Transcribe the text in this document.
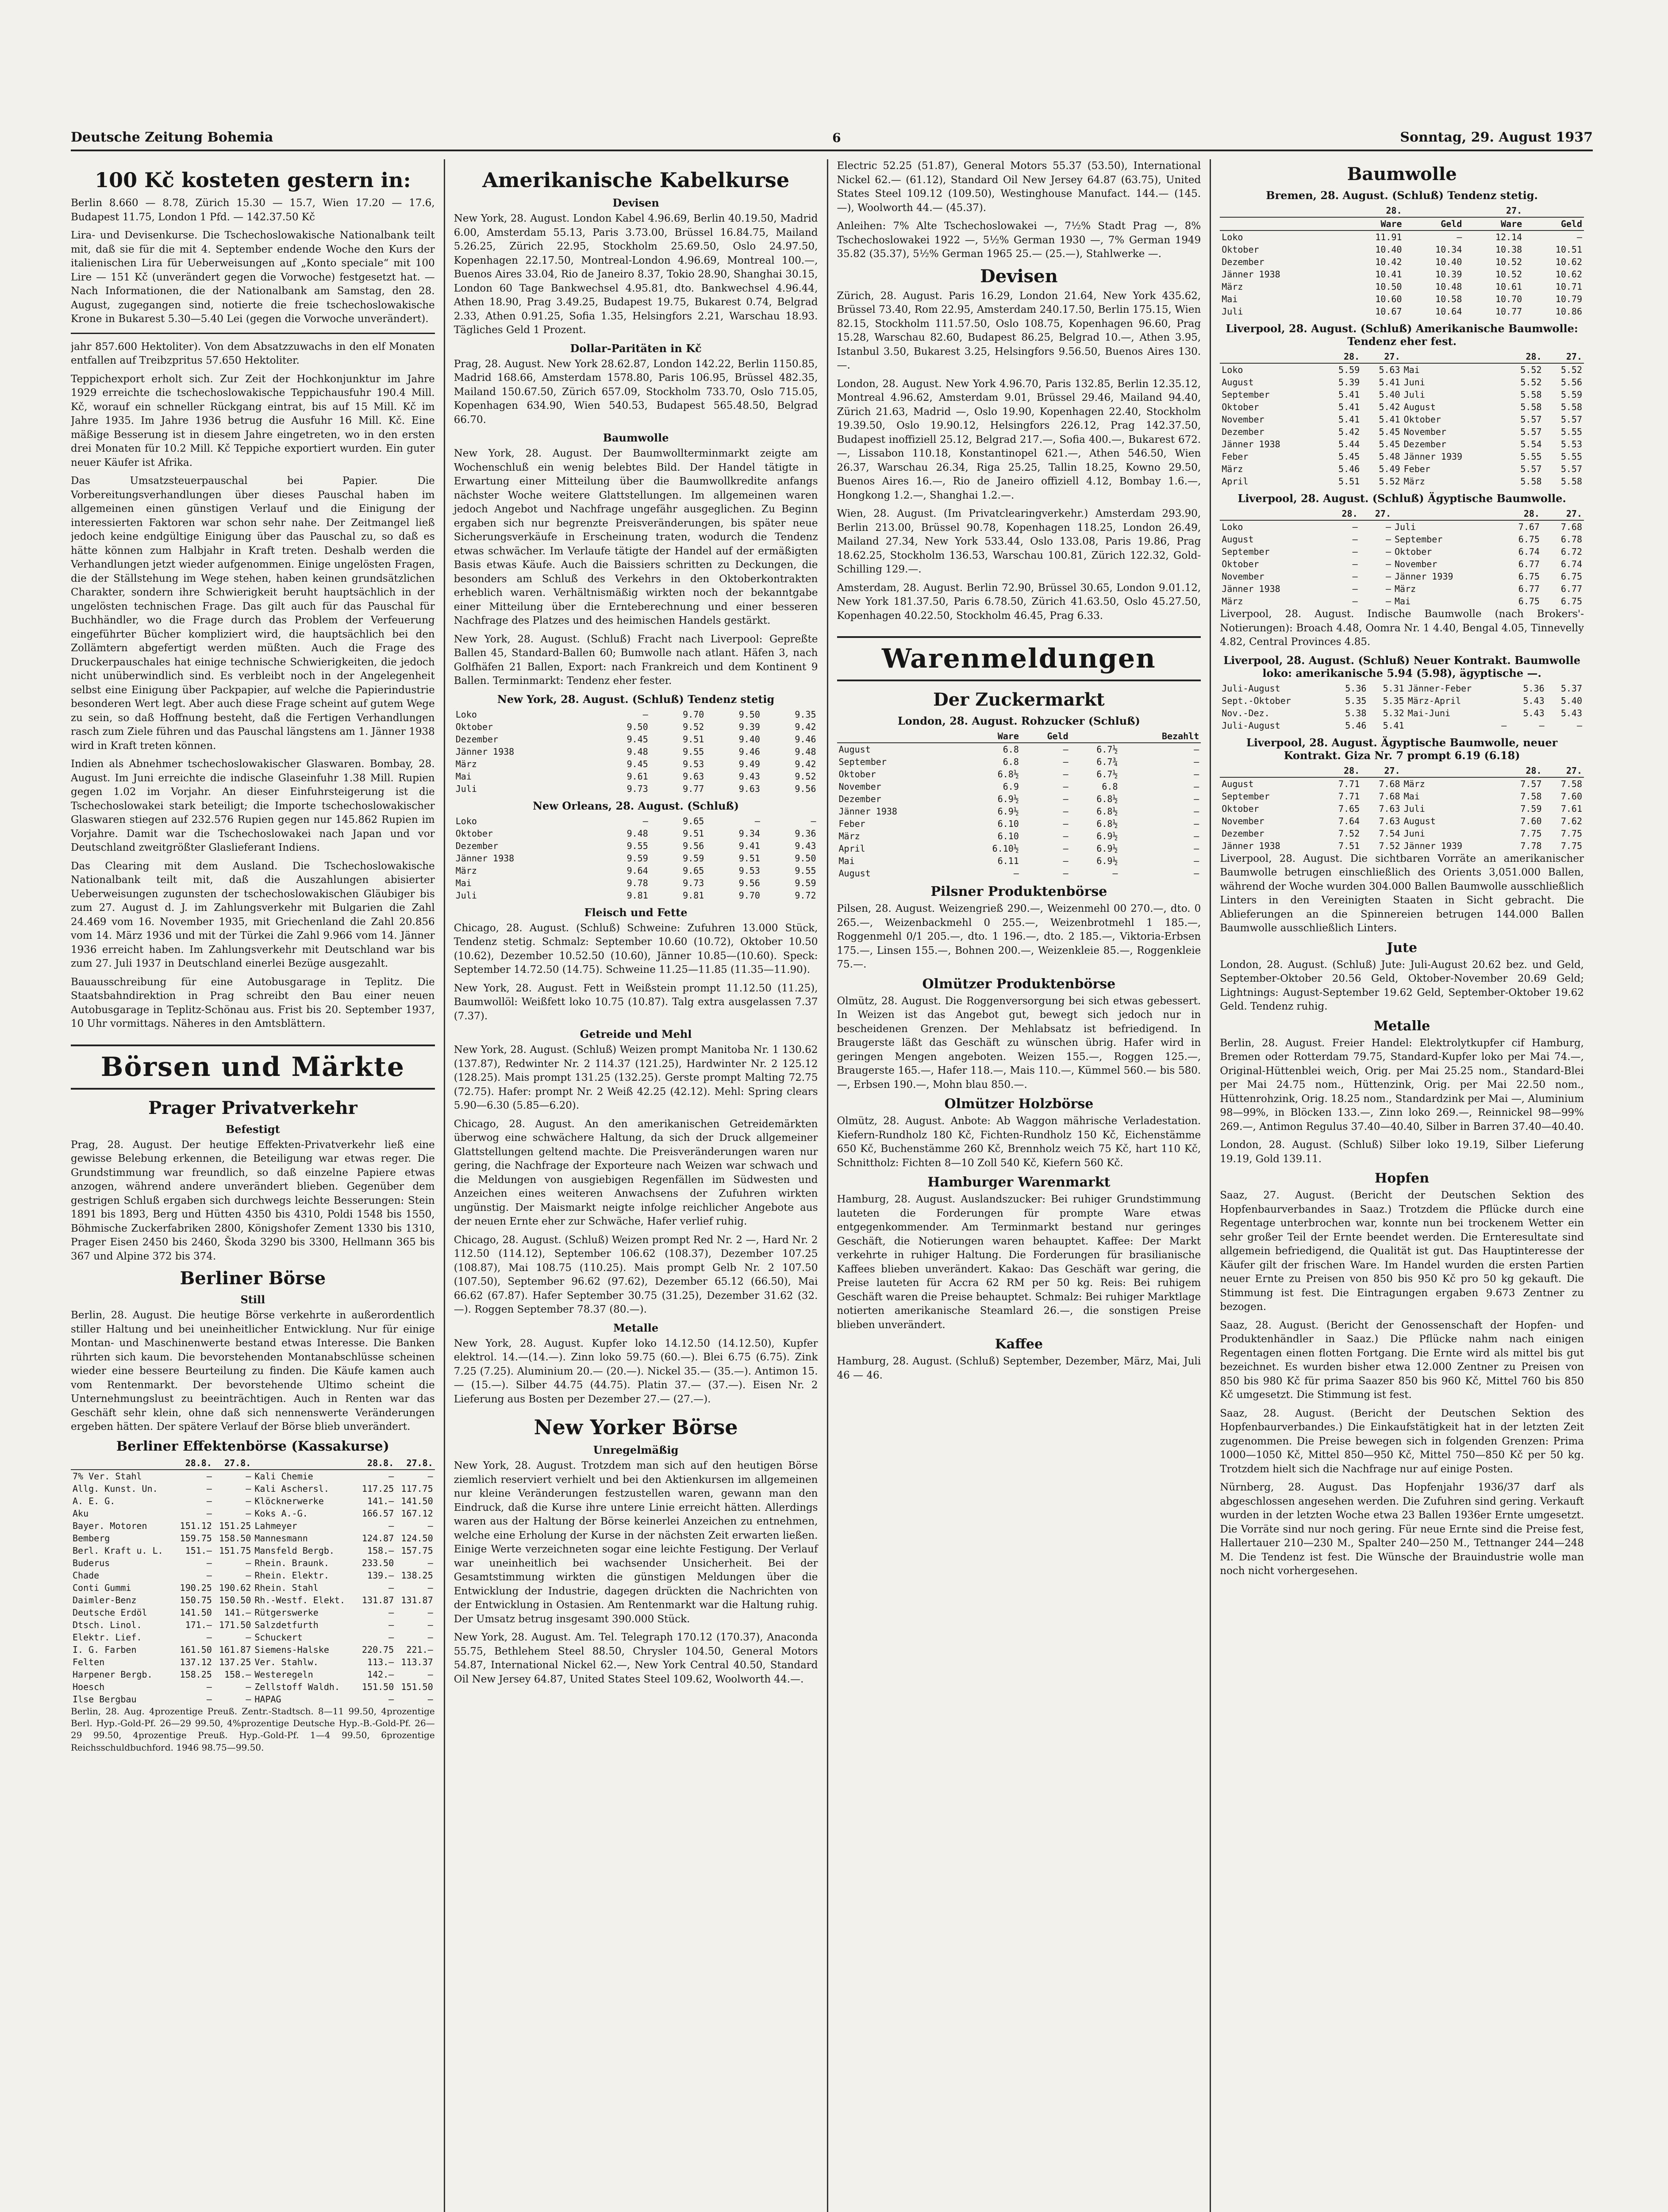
Deutsche Zeitung Bohemia	6	Sonntag, 29. August 1937
100 Kč kosteten gestern in:

Berlin 8.660 — 8.78, Zürich 15.30 — 15.7, Wien 17.20 — 17.6, Budapest 11.75, London 1 Pfd. — 142.37.50 Kč

Lira- und Devisenkurse. Die Tschechoslowakische Nationalbank teilt mit, daß sie für die mit 4. September endende Woche den Kurs der italienischen Lira für Ueberweisungen auf „Konto speciale“ mit 100 Lire — 151 Kč (unverändert gegen die Vorwoche) festgesetzt hat. — Nach Informationen, die der Nationalbank am Samstag, den 28. August, zugegangen sind, notierte die freie tschechoslowakische Krone in Bukarest 5.30—5.40 Lei (gegen die Vorwoche unverändert).

jahr 857.600 Hektoliter). Von dem Absatzzuwachs in den elf Monaten entfallen auf Treibzpritus 57.650 Hektoliter.

Teppichexport erholt sich. Zur Zeit der Hochkonjunktur im Jahre 1929 erreichte die tschechoslowakische Teppichausfuhr 190.4 Mill. Kč, worauf ein schneller Rückgang eintrat, bis auf 15 Mill. Kč im Jahre 1935. Im Jahre 1936 betrug die Ausfuhr 16 Mill. Kč. Eine mäßige Besserung ist in diesem Jahre eingetreten, wo in den ersten drei Monaten für 10.2 Mill. Kč Teppiche exportiert wurden. Ein guter neuer Käufer ist Afrika.

Das Umsatzsteuerpauschal bei Papier. Die Vorbereitungsverhandlungen über dieses Pauschal haben im allgemeinen einen günstigen Verlauf und die Einigung der interessierten Faktoren war schon sehr nahe. Der Zeitmangel ließ jedoch keine endgültige Einigung über das Pauschal zu, so daß es hätte können zum Halbjahr in Kraft treten. Deshalb werden die Verhandlungen jetzt wieder aufgenommen. Einige ungelösten Fragen, die der Ställstehung im Wege stehen, haben keinen grundsätzlichen Charakter, sondern ihre Schwierigkeit beruht hauptsächlich in der ungelösten technischen Frage. Das gilt auch für das Pauschal für Buchhändler, wo die Frage durch das Problem der Verfeuerung eingeführter Bücher kompliziert wird, die hauptsächlich bei den Zollämtern abgefertigt werden müßten. Auch die Frage des Druckerpauschales hat einige technische Schwierigkeiten, die jedoch nicht unüberwindlich sind. Es verbleibt noch in der Angelegenheit selbst eine Einigung über Packpapier, auf welche die Papierindustrie besonderen Wert legt. Aber auch diese Frage scheint auf gutem Wege zu sein, so daß Hoffnung besteht, daß die Fertigen Verhandlungen rasch zum Ziele führen und das Pauschal längstens am 1. Jänner 1938 wird in Kraft treten können.

Indien als Abnehmer tschechoslowakischer Glaswaren. Bombay, 28. August. Im Juni erreichte die indische Glaseinfuhr 1.38 Mill. Rupien gegen 1.02 im Vorjahr. An dieser Einfuhrsteigerung ist die Tschechoslowakei stark beteiligt; die Importe tschechoslowakischer Glaswaren stiegen auf 232.576 Rupien gegen nur 145.862 Rupien im Vorjahre. Damit war die Tschechoslowakei nach Japan und vor Deutschland zweitgrößter Glaslieferant Indiens.

Das Clearing mit dem Ausland. Die Tschechoslowakische Nationalbank teilt mit, daß die Auszahlungen abisierter Ueberweisungen zugunsten der tschechoslowakischen Gläubiger bis zum 27. August d. J. im Zahlungsverkehr mit Bulgarien die Zahl 24.469 vom 16. November 1935, mit Griechenland die Zahl 20.856 vom 14. März 1936 und mit der Türkei die Zahl 9.966 vom 14. Jänner 1936 erreicht haben. Im Zahlungsverkehr mit Deutschland war bis zum 27. Juli 1937 in Deutschland einerlei Bezüge ausgezahlt.

Bauausschreibung für eine Autobusgarage in Teplitz. Die Staatsbahndirektion in Prag schreibt den Bau einer neuen Autobusgarage in Teplitz-Schönau aus. Frist bis 20. September 1937, 10 Uhr vormittags. Näheres in den Amtsblättern.

Börsen und Märkte
Prager Privatverkehr
Befestigt

Prag, 28. August. Der heutige Effekten-Privatverkehr ließ eine gewisse Belebung erkennen, die Beteiligung war etwas reger. Die Grundstimmung war freundlich, so daß einzelne Papiere etwas anzogen, während andere unverändert blieben. Gegenüber dem gestrigen Schluß ergaben sich durchwegs leichte Besserungen: Stein 1891 bis 1893, Berg und Hütten 4350 bis 4310, Poldi 1548 bis 1550, Böhmische Zuckerfabriken 2800, Königshofer Zement 1330 bis 1310, Prager Eisen 2450 bis 2460, Škoda 3290 bis 3300, Hellmann 365 bis 367 und Alpine 372 bis 374.

Berliner Börse
Still

Berlin, 28. August. Die heutige Börse verkehrte in außerordentlich stiller Haltung und bei uneinheitlicher Entwicklung. Nur für einige Montan- und Maschinenwerte bestand etwas Interesse. Die Banken rührten sich kaum. Die bevorstehenden Montanabschlüsse scheinen wieder eine bessere Beurteilung zu finden. Die Käufe kamen auch vom Rentenmarkt. Der bevorstehende Ultimo scheint die Unternehmungslust zu beeinträchtigen. Auch in Renten war das Geschäft sehr klein, ohne daß sich nennenswerte Veränderungen ergeben hätten. Der spätere Verlauf der Börse blieb unverändert.

Berliner Effektenbörse (Kassakurse)
	28.8.	27.8.		28.8.	27.8.
7% Ver. Stahl	—	—	Kali Chemie	—	—
Allg. Kunst. Un.	—	—	Kali Aschersl.	117.25	117.75
A. E. G.	—	—	Klöcknerwerke	141.—	141.50
Aku	—	—	Koks A.-G.	166.57	167.12
Bayer. Motoren	151.12	151.25	Lahmeyer	—	—
Bemberg	159.75	158.50	Mannesmann	124.87	124.50
Berl. Kraft u. L.	151.—	151.75	Mansfeld Bergb.	158.—	157.75
Buderus	—	—	Rhein. Braunk.	233.50	—
Chade	—	—	Rhein. Elektr.	139.—	138.25
Conti Gummi	190.25	190.62	Rhein. Stahl	—	—
Daimler-Benz	150.75	150.50	Rh.-Westf. Elekt.	131.87	131.87
Deutsche Erdöl	141.50	141.—	Rütgerswerke	—	—
Dtsch. Linol.	171.—	171.50	Salzdetfurth	—	—
Elektr. Lief.	—	—	Schuckert	—	—
I. G. Farben	161.50	161.87	Siemens-Halske	220.75	221.—
Felten	137.12	137.25	Ver. Stahlw.	113.—	113.37
Harpener Bergb.	158.25	158.—	Westeregeln	142.—	—
Hoesch	—	—	Zellstoff Waldh.	151.50	151.50
Ilse Bergbau	—	—	HAPAG	—	—

Berlin, 28. Aug. 4prozentige Preuß. Zentr.-Stadtsch. 8—11 99.50, 4prozentige Berl. Hyp.-Gold-Pf. 26—29 99.50, 4%prozentige Deutsche Hyp.-B.-Gold-Pf. 26—29 99.50, 4prozentige Preuß. Hyp.-Gold-Pf. 1—4 99.50, 6prozentige Reichsschuldbuchford. 1946 98.75—99.50.

Amerikanische Kabelkurse
Devisen

New York, 28. August. London Kabel 4.96.69, Berlin 40.19.50, Madrid 6.00, Amsterdam 55.13, Paris 3.73.00, Brüssel 16.84.75, Mailand 5.26.25, Zürich 22.95, Stockholm 25.69.50, Oslo 24.97.50, Kopenhagen 22.17.50, Montreal-London 4.96.69, Montreal 100.—, Buenos Aires 33.04, Rio de Janeiro 8.37, Tokio 28.90, Shanghai 30.15, London 60 Tage Bankwechsel 4.95.81, dto. Bankwechsel 4.96.44, Athen 18.90, Prag 3.49.25, Budapest 19.75, Bukarest 0.74, Belgrad 2.33, Athen 0.91.25, Sofia 1.35, Helsingfors 2.21, Warschau 18.93. Tägliches Geld 1 Prozent.

Dollar-Paritäten in Kč

Prag, 28. August. New York 28.62.87, London 142.22, Berlin 1150.85, Madrid 168.66, Amsterdam 1578.80, Paris 106.95, Brüssel 482.35, Mailand 150.67.50, Zürich 657.09, Stockholm 733.70, Oslo 715.05, Kopenhagen 634.90, Wien 540.53, Budapest 565.48.50, Belgrad 66.70.

Baumwolle

New York, 28. August. Der Baumwollterminmarkt zeigte am Wochenschluß ein wenig belebtes Bild. Der Handel tätigte in Erwartung einer Mitteilung über die Baumwollkredite anfangs nächster Woche weitere Glattstellungen. Im allgemeinen waren jedoch Angebot und Nachfrage ungefähr ausgeglichen. Zu Beginn ergaben sich nur begrenzte Preisveränderungen, bis später neue Sicherungsverkäufe in Erscheinung traten, wodurch die Tendenz etwas schwächer. Im Verlaufe tätigte der Handel auf der ermäßigten Basis etwas Käufe. Auch die Baissiers schritten zu Deckungen, die besonders am Schluß des Verkehrs in den Oktoberkontrakten erheblich waren. Verhältnismäßig wirkten noch der bekanntgabe einer Mitteilung über die Ernteberechnung und einer besseren Nachfrage des Platzes und des heimischen Handels gestärkt.

New York, 28. August. (Schluß) Fracht nach Liverpool: Gepreßte Ballen 45, Standard-Ballen 60; Bumwolle nach atlant. Häfen 3, nach Golfhäfen 21 Ballen, Export: nach Frankreich und dem Kontinent 9 Ballen. Terminmarkt: Tendenz eher fester.

New York, 28. August. (Schluß) Tendenz stetig
Loko	—	9.70	9.50	9.35
Oktober	9.50	9.52	9.39	9.42
Dezember	9.45	9.51	9.40	9.46
Jänner 1938	9.48	9.55	9.46	9.48
März	9.45	9.53	9.49	9.42
Mai	9.61	9.63	9.43	9.52
Juli	9.73	9.77	9.63	9.56
New Orleans, 28. August. (Schluß)
Loko	—	9.65	—	—
Oktober	9.48	9.51	9.34	9.36
Dezember	9.55	9.56	9.41	9.43
Jänner 1938	9.59	9.59	9.51	9.50
März	9.64	9.65	9.53	9.55
Mai	9.78	9.73	9.56	9.59
Juli	9.81	9.81	9.70	9.72
Fleisch und Fette

Chicago, 28. August. (Schluß) Schweine: Zufuhren 13.000 Stück, Tendenz stetig. Schmalz: September 10.60 (10.72), Oktober 10.50 (10.62), Dezember 10.52.50 (10.60), Jänner 10.85—(10.60). Speck: September 14.72.50 (14.75). Schweine 11.25—11.85 (11.35—11.90).

New York, 28. August. Fett in Weißstein prompt 11.12.50 (11.25), Baumwollöl: Weißfett loko 10.75 (10.87). Talg extra ausgelassen 7.37 (7.37).

Getreide und Mehl

New York, 28. August. (Schluß) Weizen prompt Manitoba Nr. 1 130.62 (137.87), Redwinter Nr. 2 114.37 (121.25), Hardwinter Nr. 2 125.12 (128.25). Mais prompt 131.25 (132.25). Gerste prompt Malting 72.75 (72.75). Hafer: prompt Nr. 2 Weiß 42.25 (42.12). Mehl: Spring clears 5.90—6.30 (5.85—6.20).

Chicago, 28. August. An den amerikanischen Getreidemärkten überwog eine schwächere Haltung, da sich der Druck allgemeiner Glattstellungen geltend machte. Die Preisveränderungen waren nur gering, die Nachfrage der Exporteure nach Weizen war schwach und die Meldungen von ausgiebigen Regenfällen im Südwesten und Anzeichen eines weiteren Anwachsens der Zufuhren wirkten ungünstig. Der Maismarkt neigte infolge reichlicher Angebote aus der neuen Ernte eher zur Schwäche, Hafer verlief ruhig.

Chicago, 28. August. (Schluß) Weizen prompt Red Nr. 2 —, Hard Nr. 2 112.50 (114.12), September 106.62 (108.37), Dezember 107.25 (108.87), Mai 108.75 (110.25). Mais prompt Gelb Nr. 2 107.50 (107.50), September 96.62 (97.62), Dezember 65.12 (66.50), Mai 66.62 (67.87). Hafer September 30.75 (31.25), Dezember 31.62 (32.—). Roggen September 78.37 (80.—).

Metalle

New York, 28. August. Kupfer loko 14.12.50 (14.12.50), Kupfer elektrol. 14.—(14.—). Zinn loko 59.75 (60.—). Blei 6.75 (6.75). Zink 7.25 (7.25). Aluminium 20.— (20.—). Nickel 35.— (35.—). Antimon 15.— (15.—). Silber 44.75 (44.75). Platin 37.— (37.—). Eisen Nr. 2 Lieferung aus Bosten per Dezember 27.— (27.—).

New Yorker Börse
Unregelmäßig

New York, 28. August. Trotzdem man sich auf den heutigen Börse ziemlich reserviert verhielt und bei den Aktienkursen im allgemeinen nur kleine Veränderungen festzustellen waren, gewann man den Eindruck, daß die Kurse ihre untere Linie erreicht hätten. Allerdings waren aus der Haltung der Börse keinerlei Anzeichen zu entnehmen, welche eine Erholung der Kurse in der nächsten Zeit erwarten ließen. Einige Werte verzeichneten sogar eine leichte Festigung. Der Verlauf war uneinheitlich bei wachsender Unsicherheit. Bei der Gesamtstimmung wirkten die günstigen Meldungen über die Entwicklung der Industrie, dagegen drückten die Nachrichten von der Entwicklung in Ostasien. Am Rentenmarkt war die Haltung ruhig. Der Umsatz betrug insgesamt 390.000 Stück.

New York, 28. August. Am. Tel. Telegraph 170.12 (170.37), Anaconda 55.75, Bethlehem Steel 88.50, Chrysler 104.50, General Motors 54.87, International Nickel 62.—, New York Central 40.50, Standard Oil New Jersey 64.87, United States Steel 109.62, Woolworth 44.—.

Electric 52.25 (51.87), General Motors 55.37 (53.50), International Nickel 62.— (61.12), Standard Oil New Jersey 64.87 (63.75), United States Steel 109.12 (109.50), Westinghouse Manufact. 144.— (145.—), Woolworth 44.— (45.37).

Anleihen: 7% Alte Tschechoslowakei —, 7½% Stadt Prag —, 8% Tschechoslowakei 1922 —, 5½% German 1930 —, 7% German 1949 35.82 (35.37), 5½% German 1965 25.— (25.—), Stahlwerke —.

Devisen

Zürich, 28. August. Paris 16.29, London 21.64, New York 435.62, Brüssel 73.40, Rom 22.95, Amsterdam 240.17.50, Berlin 175.15, Wien 82.15, Stockholm 111.57.50, Oslo 108.75, Kopenhagen 96.60, Prag 15.28, Warschau 82.60, Budapest 86.25, Belgrad 10.—, Athen 3.95, Istanbul 3.50, Bukarest 3.25, Helsingfors 9.56.50, Buenos Aires 130.—.

London, 28. August. New York 4.96.70, Paris 132.85, Berlin 12.35.12, Montreal 4.96.62, Amsterdam 9.01, Brüssel 29.46, Mailand 94.40, Zürich 21.63, Madrid —, Oslo 19.90, Kopenhagen 22.40, Stockholm 19.39.50, Oslo 19.90.12, Helsingfors 226.12, Prag 142.37.50, Budapest inoffiziell 25.12, Belgrad 217.—, Sofia 400.—, Bukarest 672.—, Lissabon 110.18, Konstantinopel 621.—, Athen 546.50, Wien 26.37, Warschau 26.34, Riga 25.25, Tallin 18.25, Kowno 29.50, Buenos Aires 16.—, Rio de Janeiro offiziell 4.12, Bombay 1.6.—, Hongkong 1.2.—, Shanghai 1.2.—.

Wien, 28. August. (Im Privatclearingverkehr.) Amsterdam 293.90, Berlin 213.00, Brüssel 90.78, Kopenhagen 118.25, London 26.49, Mailand 27.34, New York 533.44, Oslo 133.08, Paris 19.86, Prag 18.62.25, Stockholm 136.53, Warschau 100.81, Zürich 122.32, Gold-Schilling 129.—.

Amsterdam, 28. August. Berlin 72.90, Brüssel 30.65, London 9.01.12, New York 181.37.50, Paris 6.78.50, Zürich 41.63.50, Oslo 45.27.50, Kopenhagen 40.22.50, Stockholm 46.45, Prag 6.33.

Warenmeldungen
Der Zuckermarkt
London, 28. August. Rohzucker (Schluß)
	Ware	Geld		Bezahlt
August	6.8	—	6.7½	—
September	6.8	—	6.7¾	—
Oktober	6.8½	—	6.7½	—
November	6.9	—	6.8	—
Dezember	6.9½	—	6.8½	—
Jänner 1938	6.9½	—	6.8½	—
Feber	6.10	—	6.8½	—
März	6.10	—	6.9½	—
April	6.10½	—	6.9½	—
Mai	6.11	—	6.9½	—
August	—	—	—	—
Pilsner Produktenbörse

Pilsen, 28. August. Weizengrieß 290.—, Weizenmehl 00 270.—, dto. 0 265.—, Weizenbackmehl 0 255.—, Weizenbrotmehl 1 185.—, Roggenmehl 0/1 205.—, dto. 1 196.—, dto. 2 185.—, Viktoria-Erbsen 175.—, Linsen 155.—, Bohnen 200.—, Weizenkleie 85.—, Roggenkleie 75.—.

Olmützer Produktenbörse

Olmütz, 28. August. Die Roggenversorgung bei sich etwas gebessert. In Weizen ist das Angebot gut, bewegt sich jedoch nur in bescheidenen Grenzen. Der Mehlabsatz ist befriedigend. In Braugerste läßt das Geschäft zu wünschen übrig. Hafer wird in geringen Mengen angeboten. Weizen 155.—, Roggen 125.—, Braugerste 165.—, Hafer 118.—, Mais 110.—, Kümmel 560.— bis 580.—, Erbsen 190.—, Mohn blau 850.—.

Olmützer Holzbörse

Olmütz, 28. August. Anbote: Ab Waggon mährische Verladestation. Kiefern-Rundholz 180 Kč, Fichten-Rundholz 150 Kč, Eichenstämme 650 Kč, Buchenstämme 260 Kč, Brennholz weich 75 Kč, hart 110 Kč, Schnittholz: Fichten 8—10 Zoll 540 Kč, Kiefern 560 Kč.

Hamburger Warenmarkt

Hamburg, 28. August. Auslandszucker: Bei ruhiger Grundstimmung lauteten die Forderungen für prompte Ware etwas entgegenkommender. Am Terminmarkt bestand nur geringes Geschäft, die Notierungen waren behauptet. Kaffee: Der Markt verkehrte in ruhiger Haltung. Die Forderungen für brasilianische Kaffees blieben unverändert. Kakao: Das Geschäft war gering, die Preise lauteten für Accra 62 RM per 50 kg. Reis: Bei ruhigem Geschäft waren die Preise behauptet. Schmalz: Bei ruhiger Marktlage notierten amerikanische Steamlard 26.—, die sonstigen Preise blieben unverändert.

Kaffee

Hamburg, 28. August. (Schluß) September, Dezember, März, Mai, Juli 46 — 46.

Baumwolle
Bremen, 28. August. (Schluß) Tendenz stetig.
	28.		27.	
	Ware	Geld	Ware	Geld
Loko	11.91	—	12.14	—
Oktober	10.40	10.34	10.38	10.51
Dezember	10.42	10.40	10.52	10.62
Jänner 1938	10.41	10.39	10.52	10.62
März	10.50	10.48	10.61	10.71
Mai	10.60	10.58	10.70	10.79
Juli	10.67	10.64	10.77	10.86
Liverpool, 28. August. (Schluß) Amerikanische Baumwolle: Tendenz eher fest.
	28.	27.		28.	27.
Loko	5.59	5.63	Mai	5.52	5.52
August	5.39	5.41	Juni	5.52	5.56
September	5.41	5.40	Juli	5.58	5.59
Oktober	5.41	5.42	August	5.58	5.58
November	5.41	5.41	Oktober	5.57	5.57
Dezember	5.42	5.45	November	5.57	5.55
Jänner 1938	5.44	5.45	Dezember	5.54	5.53
Feber	5.45	5.48	Jänner 1939	5.55	5.55
März	5.46	5.49	Feber	5.57	5.57
April	5.51	5.52	März	5.58	5.58
Liverpool, 28. August. (Schluß) Ägyptische Baumwolle.
	28.	27.		28.	27.
Loko	—	—	Juli	7.67	7.68
August	—	—	September	6.75	6.78
September	—	—	Oktober	6.74	6.72
Oktober	—	—	November	6.77	6.74
November	—	—	Jänner 1939	6.75	6.75
Jänner 1938	—	—	März	6.77	6.77
März	—	—	Mai	6.75	6.75

Liverpool, 28. August. Indische Baumwolle (nach Brokers'-Notierungen): Broach 4.48, Oomra Nr. 1 4.40, Bengal 4.05, Tinnevelly 4.82, Central Provinces 4.85.

Liverpool, 28. August. (Schluß) Neuer Kontrakt. Baumwolle loko: amerikanische 5.94 (5.98), ägyptische —.
Juli-August	5.36	5.31	Jänner-Feber	5.36	5.37
Sept.-Oktober	5.35	5.35	März-April	5.43	5.40
Nov.-Dez.	5.38	5.32	Mai-Juni	5.43	5.43
Juli-August	5.46	5.41	—	—	—
Liverpool, 28. August. Ägyptische Baumwolle, neuer Kontrakt. Giza Nr. 7 prompt 6.19 (6.18)
	28.	27.		28.	27.
August	7.71	7.68	März	7.57	7.58
September	7.71	7.68	Mai	7.58	7.60
Oktober	7.65	7.63	Juli	7.59	7.61
November	7.64	7.63	August	7.60	7.62
Dezember	7.52	7.54	Juni	7.75	7.75
Jänner 1938	7.51	7.52	Jänner 1939	7.78	7.75

Liverpool, 28. August. Die sichtbaren Vorräte an amerikanischer Baumwolle betrugen einschließlich des Orients 3,051.000 Ballen, während der Woche wurden 304.000 Ballen Baumwolle ausschließlich Linters in den Vereinigten Staaten in Sicht gebracht. Die Ablieferungen an die Spinnereien betrugen 144.000 Ballen Baumwolle ausschließlich Linters.

Jute

London, 28. August. (Schluß) Jute: Juli-August 20.62 bez. und Geld, September-Oktober 20.56 Geld, Oktober-November 20.69 Geld; Lightnings: August-September 19.62 Geld, September-Oktober 19.62 Geld. Tendenz ruhig.

Metalle

Berlin, 28. August. Freier Handel: Elektrolytkupfer cif Hamburg, Bremen oder Rotterdam 79.75, Standard-Kupfer loko per Mai 74.—, Original-Hüttenblei weich, Orig. per Mai 25.25 nom., Standard-Blei per Mai 24.75 nom., Hüttenzink, Orig. per Mai 22.50 nom., Hüttenrohzink, Orig. 18.25 nom., Standardzink per Mai —, Aluminium 98—99%, in Blöcken 133.—, Zinn loko 269.—, Reinnickel 98—99% 269.—, Antimon Regulus 37.40—40.40, Silber in Barren 37.40—40.40.

London, 28. August. (Schluß) Silber loko 19.19, Silber Lieferung 19.19, Gold 139.11.

Hopfen

Saaz, 27. August. (Bericht der Deutschen Sektion des Hopfenbaurverbandes in Saaz.) Trotzdem die Pflücke durch eine Regentage unterbrochen war, konnte nun bei trockenem Wetter ein sehr großer Teil der Ernte beendet werden. Die Ernteresultate sind allgemein befriedigend, die Qualität ist gut. Das Hauptinteresse der Käufer gilt der frischen Ware. Im Handel wurden die ersten Partien neuer Ernte zu Preisen von 850 bis 950 Kč pro 50 kg gekauft. Die Stimmung ist fest. Die Eintragungen ergaben 9.673 Zentner zu bezogen.

Saaz, 28. August. (Bericht der Genossenschaft der Hopfen- und Produktenhändler in Saaz.) Die Pflücke nahm nach einigen Regentagen einen flotten Fortgang. Die Ernte wird als mittel bis gut bezeichnet. Es wurden bisher etwa 12.000 Zentner zu Preisen von 850 bis 980 Kč für prima Saazer 850 bis 960 Kč, Mittel 760 bis 850 Kč umgesetzt. Die Stimmung ist fest.

Saaz, 28. August. (Bericht der Deutschen Sektion des Hopfenbaurverbandes.) Die Einkaufstätigkeit hat in der letzten Zeit zugenommen. Die Preise bewegen sich in folgenden Grenzen: Prima 1000—1050 Kč, Mittel 850—950 Kč, Mittel 750—850 Kč per 50 kg. Trotzdem hielt sich die Nachfrage nur auf einige Posten.

Nürnberg, 28. August. Das Hopfenjahr 1936/37 darf als abgeschlossen angesehen werden. Die Zufuhren sind gering. Verkauft wurden in der letzten Woche etwa 23 Ballen 1936er Ernte umgesetzt. Die Vorräte sind nur noch gering. Für neue Ernte sind die Preise fest, Hallertauer 210—230 M., Spalter 240—250 M., Tettnanger 244—248 M. Die Tendenz ist fest. Die Wünsche der Brauindustrie wolle man noch nicht vorhergesehen.
